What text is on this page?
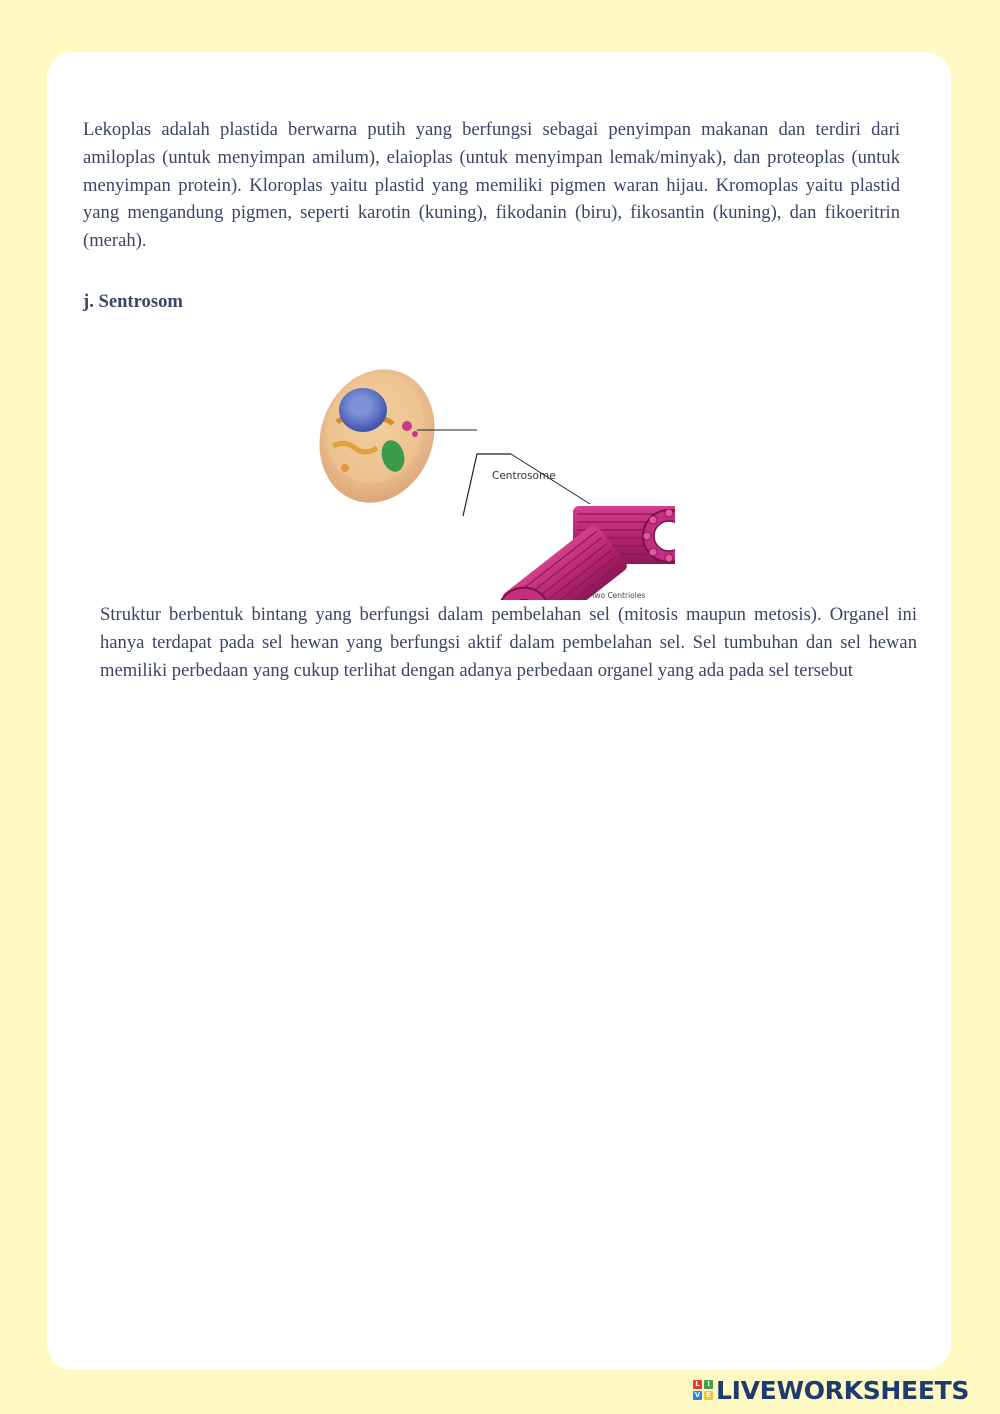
Lekoplas adalah plastida berwarna putih yang berfungsi sebagai penyimpan makanan dan terdiri dari amiloplas (untuk menyimpan amilum), elaioplas (untuk menyimpan lemak/minyak), dan proteoplas (untuk menyimpan protein). Kloroplas yaitu plastid yang memiliki pigmen waran hijau. Kromoplas yaitu plastid yang mengandung pigmen, seperti karotin (kuning), fikodanin (biru), fikosantin (kuning), dan fikoeritrin (merah).

j. Sentrosom
Centrosome
Two Centrioles

Struktur berbentuk bintang yang berfungsi dalam pembelahan sel (mitosis maupun metosis). Organel ini hanya terdapat pada sel hewan yang berfungsi aktif dalam pembelahan sel. Sel tumbuhan dan sel hewan memiliki perbedaan yang cukup terlihat dengan adanya perbedaan organel yang ada pada sel tersebut

L	I
V E LIVEWORKSHEETS
